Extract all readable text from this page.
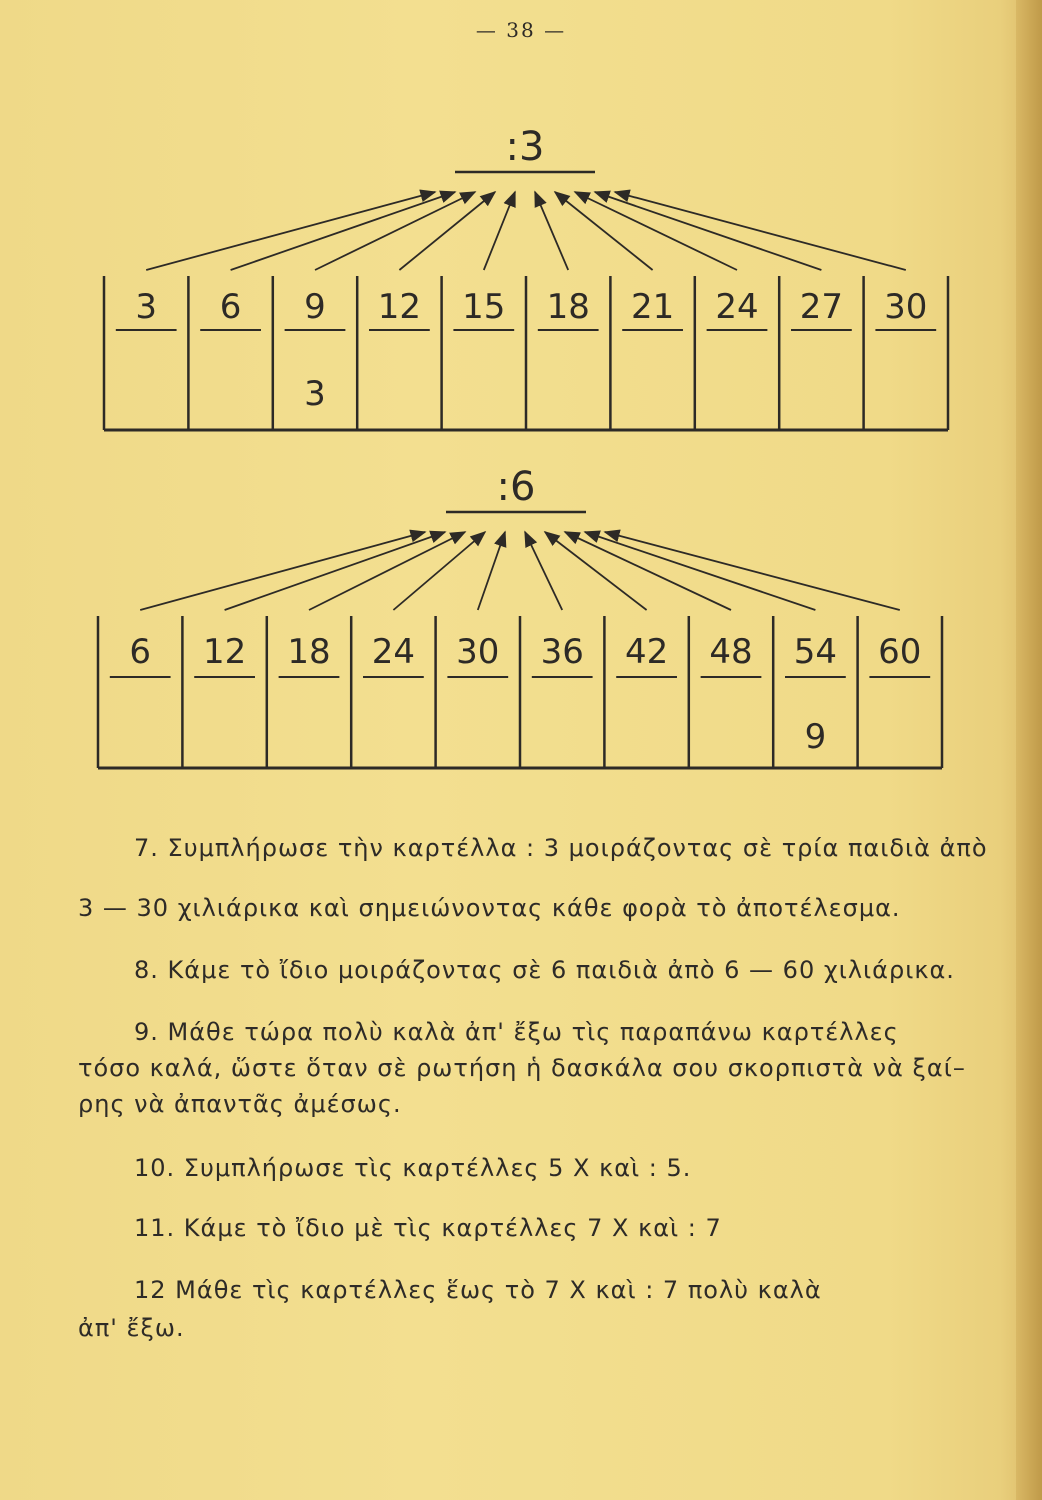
— 38 —
:3
3 6 9
3
12 15 18 21 24 27 30
:6
6 12 18 24 30 36 42 48 54
9
60
7. Συμπλήρωσε τὴν καρτέλλα : 3 μοιράζοντας σὲ τρία παιδιὰ ἀπὸ
3 — 30 χιλιάρικα καὶ σημειώνοντας κάθε φορὰ τὸ ἀποτέλεσμα.
8. Κάμε τὸ ἴδιο μοιράζοντας σὲ 6 παιδιὰ ἀπὸ 6 — 60 χιλιάρικα.
9. Μάθε τώρα πολὺ καλὰ ἀπ' ἔξω τὶς παραπάνω καρτέλλες
τόσο καλά, ὥστε ὅταν σὲ ρωτήση ἡ δασκάλα σου σκορπιστὰ νὰ ξαί–
ρης νὰ ἀπαντᾶς ἀμέσως.
10. Συμπλήρωσε τὶς καρτέλλες 5 Χ καὶ : 5.
11. Κάμε τὸ ἴδιο μὲ τὶς καρτέλλες 7 Χ καὶ : 7
12 Μάθε τὶς καρτέλλες ἕως τὸ 7 Χ καὶ : 7 πολὺ καλὰ
ἀπ' ἔξω.
